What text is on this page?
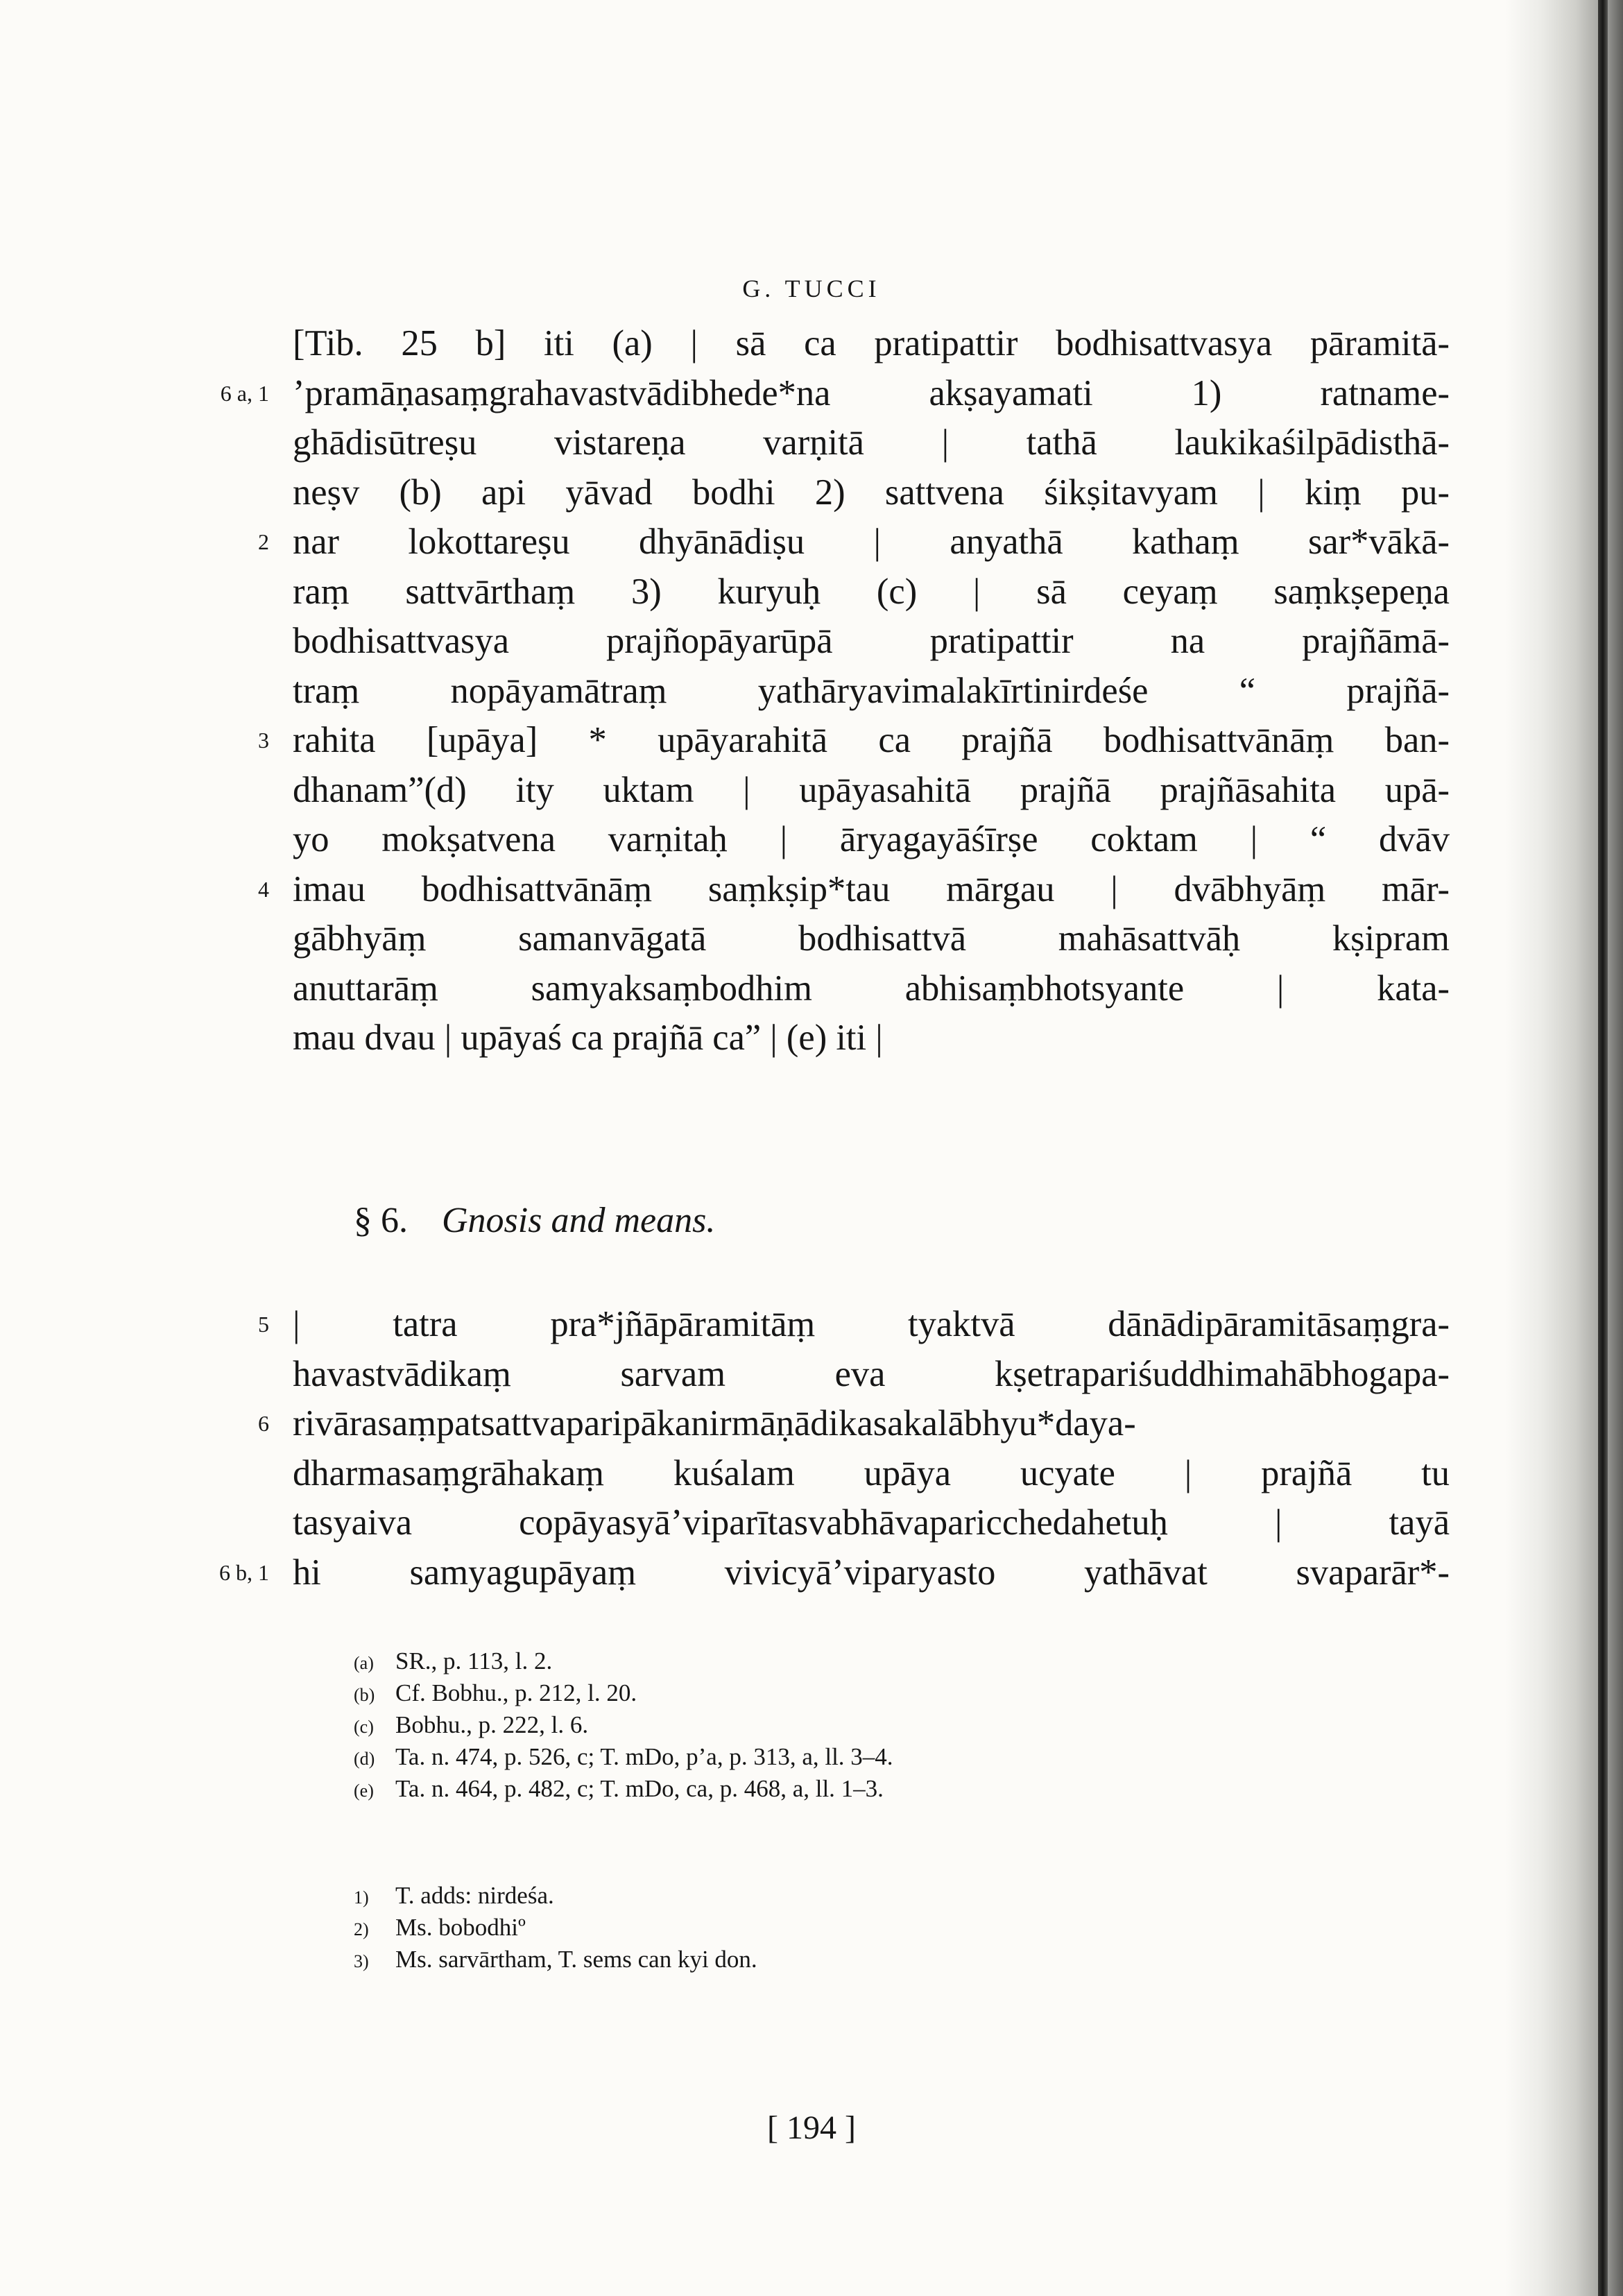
G. TUCCI
[Tib. 25 b] iti (a) | sā ca pratipattir bodhisattvasya pāramitā-
’pramāṇasaṃgrahavastvādibhede*na akṣayamati 1) ratname-
6 a, 1
ghādisūtreṣu vistareṇa varṇitā | tathā laukikaśilpādisthā-
neṣv (b) api yāvad bodhi 2) sattvena śikṣitavyam | kiṃ pu-
nar lokottareṣu dhyānādiṣu | anyathā kathaṃ sar*vākā-
2
raṃ sattvārthaṃ 3) kuryuḥ (c) | sā ceyaṃ saṃkṣepeṇa
bodhisattvasya prajñopāyarūpā pratipattir na prajñāmā-
traṃ nopāyamātraṃ yathāryavimalakīrtinirdeśe “ prajñā-
rahita [upāya] * upāyarahitā ca prajñā bodhisattvānāṃ ban-
3
dhanam”(d) ity uktam | upāyasahitā prajñā prajñāsahita upā-
yo mokṣatvena varṇitaḥ | āryagayāśīrṣe coktam | “ dvāv
imau bodhisattvānāṃ saṃkṣip*tau mārgau | dvābhyāṃ mār-
4
gābhyāṃ samanvāgatā bodhisattvā mahāsattvāḥ kṣipram
anuttarāṃ samyaksaṃbodhim abhisaṃbhotsyante | kata-
mau dvau | upāyaś ca prajñā ca” | (e) iti |
§ 6. Gnosis and means.
| tatra pra*jñāpāramitāṃ tyaktvā dānādipāramitāsaṃgra-
5
havastvādikaṃ sarvam eva kṣetrapariśuddhimahābhogapa-
rivārasaṃpatsattvaparipākanirmāṇādikasakalābhyu*daya-
6
dharmasaṃgrāhakaṃ kuśalam upāya ucyate | prajñā tu
tasyaiva copāyasyā’viparītasvabhāvaparicchedahetuḥ | tayā
hi samyagupāyaṃ vivicyā’viparyasto yathāvat svaparār*-
6 b, 1
(a) SR., p. 113, l. 2.
(b) Cf. Bobhu., p. 212, l. 20.
(c) Bobhu., p. 222, l. 6.
(d) Ta. n. 474, p. 526, c; T. mDo, p’a, p. 313, a, ll. 3–4.
(e) Ta. n. 464, p. 482, c; T. mDo, ca, p. 468, a, ll. 1–3.
1) T. adds: nirdeśa.
2) Ms. bobodhiº
3) Ms. sarvārtham, T. sems can kyi don.
[ 194 ]
